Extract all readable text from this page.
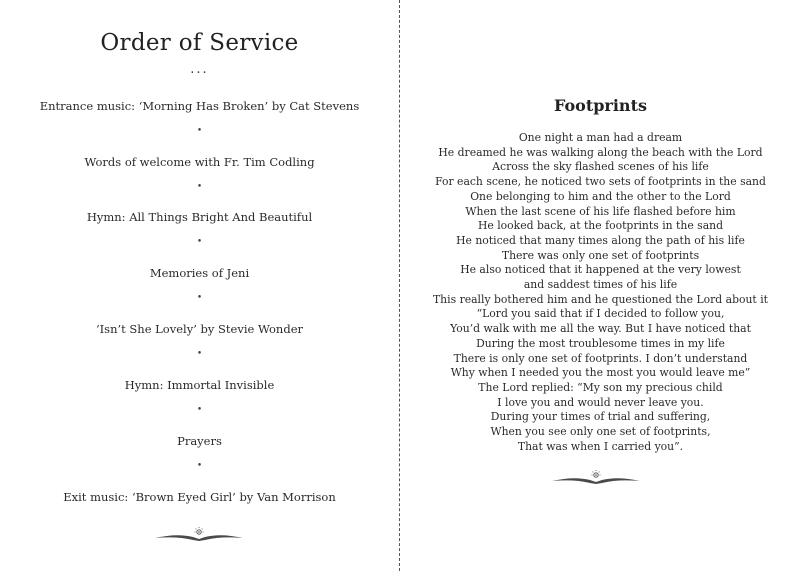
Order of Service
...
Entrance music: ‘Morning Has Broken’ by Cat Stevens
•
Words of welcome with Fr. Tim Codling
•
Hymn: All Things Bright And Beautiful
•
Memories of Jeni
•
‘Isn’t She Lovely’ by Stevie Wonder
•
Hymn: Immortal Invisible
•
Prayers
•
Exit music: ‘Brown Eyed Girl’ by Van Morrison
Footprints
One night a man had a dream
He dreamed he was walking along the beach with the Lord
Across the sky flashed scenes of his life
For each scene, he noticed two sets of footprints in the sand
One belonging to him and the other to the Lord
When the last scene of his life flashed before him
He looked back, at the footprints in the sand
He noticed that many times along the path of his life
There was only one set of footprints
He also noticed that it happened at the very lowest
and saddest times of his life
This really bothered him and he questioned the Lord about it
“Lord you said that if I decided to follow you,
You’d walk with me all the way. But I have noticed that
During the most troublesome times in my life
There is only one set of footprints. I don’t understand
Why when I needed you the most you would leave me”
The Lord replied: “My son my precious child
I love you and would never leave you.
During your times of trial and suffering,
When you see only one set of footprints,
That was when I carried you”.
